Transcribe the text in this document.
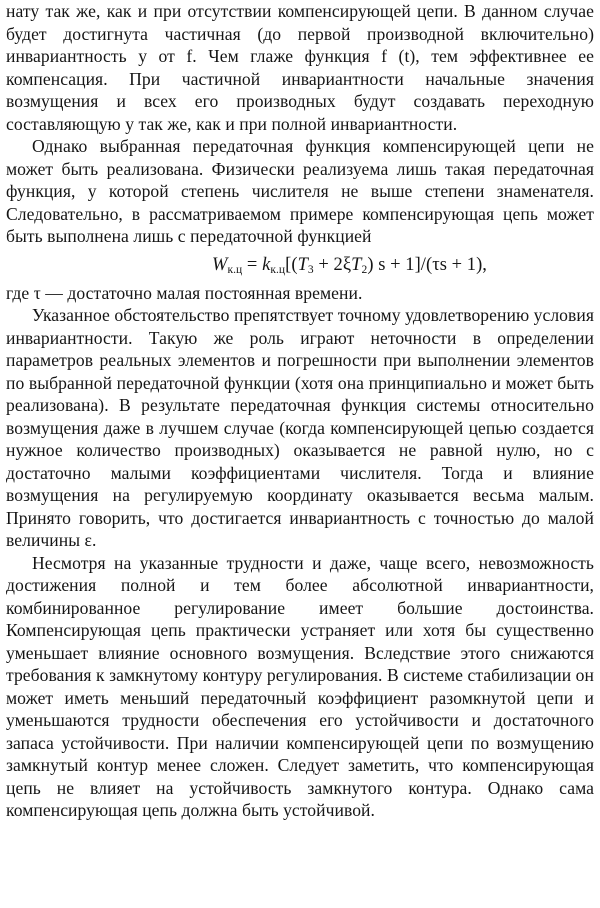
нату так же, как и при отсутствии компенсирующей цепи. В данном случае будет достигнута частичная (до первой производной включительно) инвариантность y от f. Чем глаже функция f (t), тем эффективнее ее компенсация. При частичной инвариантности начальные значения возмущения и всех его производных будут создавать переходную составляющую y так же, как и при полной инвариантности.

Однако выбранная передаточная функция компенсирующей цепи не может быть реализована. Физически реализуема лишь такая передаточная функция, у которой степень числителя не выше степени знаменателя. Следовательно, в рассматриваемом примере компенсирующая цепь может быть выполнена лишь с передаточной функцией

$W_{к.ц} = k_{к.ц}[(T_3 + 2\xi T_2) s + 1]/(\tau s + 1)$,

где τ — достаточно малая постоянная времени.

Указанное обстоятельство препятствует точному удовлетворению условия инвариантности. Такую же роль играют неточности в определении параметров реальных элементов и погрешности при выполнении элементов по выбранной передаточной функции (хотя она принципиально и может быть реализована). В результате передаточная функция системы относительно возмущения даже в лучшем случае (когда компенсирующей цепью создается нужное количество производных) оказывается не равной нулю, но с достаточно малыми коэффициентами числителя. Тогда и влияние возмущения на регулируемую координату оказывается весьма малым. Принято говорить, что достигается инвариантность с точностью до малой величины ε.

Несмотря на указанные трудности и даже, чаще всего, невозможность достижения полной и тем более абсолютной инвариантности, комбинированное регулирование имеет большие достоинства. Компенсирующая цепь практически устраняет или хотя бы существенно уменьшает влияние основного возмущения. Вследствие этого снижаются требования к замкнутому контуру регулирования. В системе стабилизации он может иметь меньший передаточный коэффициент разомкнутой цепи и уменьшаются трудности обеспечения его устойчивости и достаточного запаса устойчивости. При наличии компенсирующей цепи по возмущению замкнутый контур менее сложен. Следует заметить, что компенсирующая цепь не влияет на устойчивость замкнутого контура. Однако сама компенсирующая цепь должна быть устойчивой.
